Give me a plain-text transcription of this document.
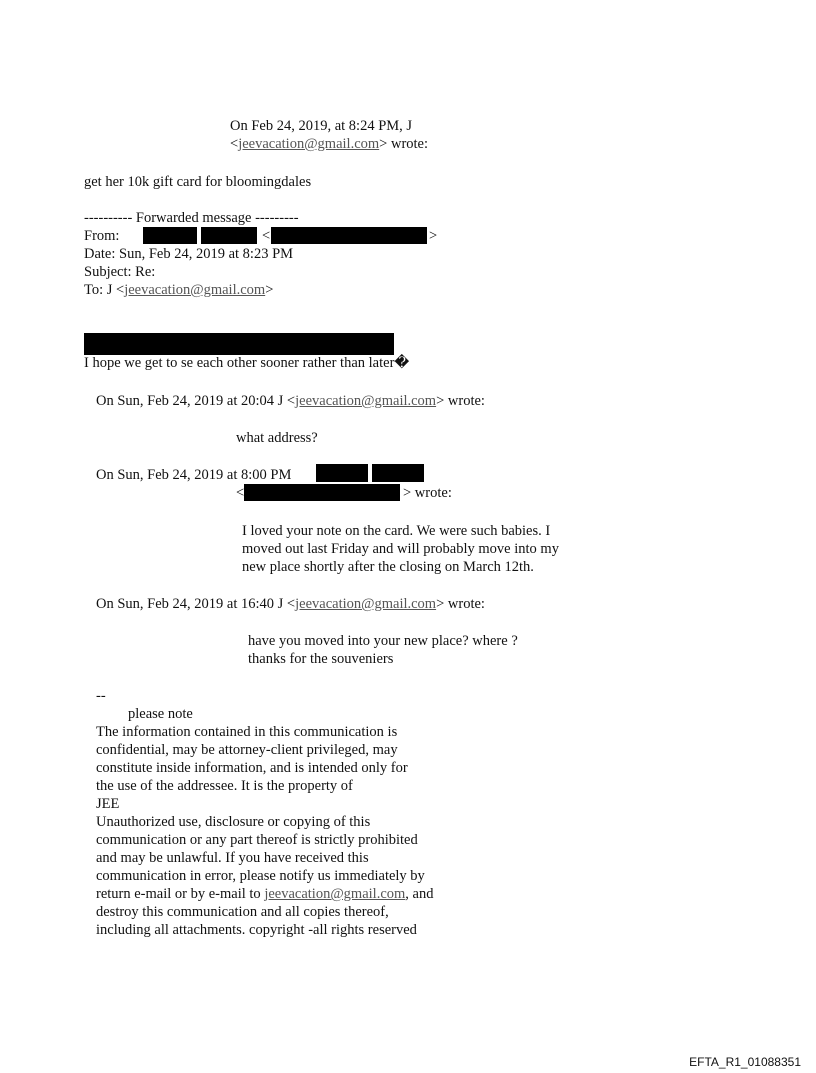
On Feb 24, 2019, at 8:24 PM, J
<jeevacation@gmail.com> wrote:
get her 10k gift card for bloomingdales
---------- Forwarded message ---------
From:	<	>
Date: Sun, Feb 24, 2019 at 8:23 PM
Subject: Re:
To: J <jeevacation@gmail.com>
I hope we get to se each other sooner rather than later�
On Sun, Feb 24, 2019 at 20:04 J <jeevacation@gmail.com> wrote:
what address?
On Sun, Feb 24, 2019 at 8:00 PM
<	> wrote:
I loved your note on the card. We were such babies. I
moved out last Friday and will probably move into my
new place shortly after the closing on March 12th.
On Sun, Feb 24, 2019 at 16:40 J <jeevacation@gmail.com> wrote:
have you moved into your new place? where ?
thanks for the souveniers
--
please note
The information contained in this communication is
confidential, may be attorney-client privileged, may
constitute inside information, and is intended only for
the use of the addressee. It is the property of
JEE
Unauthorized use, disclosure or copying of this
communication or any part thereof is strictly prohibited
and may be unlawful. If you have received this
communication in error, please notify us immediately by
return e-mail or by e-mail to jeevacation@gmail.com, and
destroy this communication and all copies thereof,
including all attachments. copyright -all rights reserved
EFTA_R1_01088351
